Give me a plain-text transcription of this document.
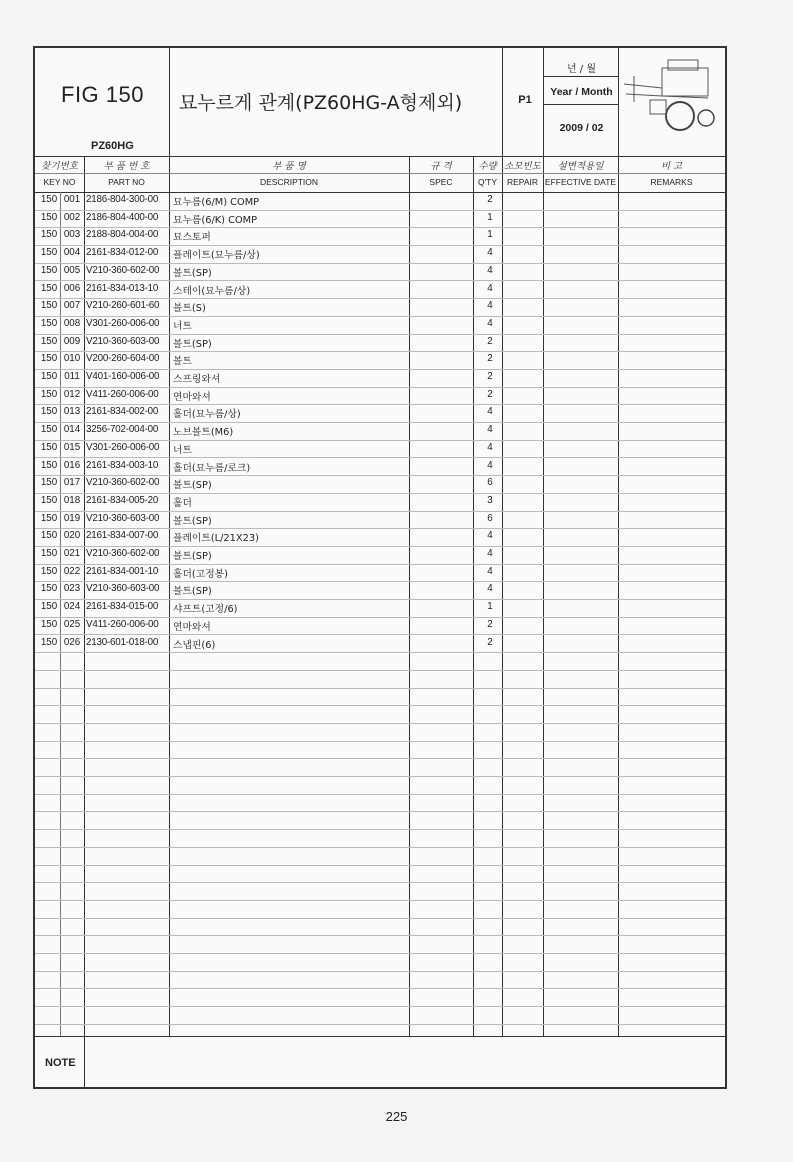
FIG 150
PZ60HG
묘누르게 관계(PZ60HG-A형제외)	P1
년 / 월
Year / Month
2009 / 02
찾기번호
KEY NO
부 품 번 호
PART NO
부 품 명
DESCRIPTION
규 격
SPEC
수량
Q'TY
소모빈도
REPAIR
설변적용일
EFFECTIVE DATE
비 고
REMARKS
150 001 2186-804-300-00 묘누름(6/M) COMP	2
150 002 2186-804-400-00 묘누름(6/K) COMP	1
150 003 2188-804-004-00 묘스토퍼	1
150 004 2161-834-012-00 플레이트(묘누름/상)	4
150 005 V210-360-602-00 볼트(SP)	4
150 006 2161-834-013-10 스테이(묘누름/상)	4
150 007 V210-260-601-60 볼트(S)	4
150 008 V301-260-006-00 너트	4
150 009 V210-360-603-00 볼트(SP)	2
150 010 V200-260-604-00 볼트	2
150 011 V401-160-006-00 스프링와셔	2
150 012 V411-260-006-00 연마와셔	2
150 013 2161-834-002-00 홀더(묘누름/상)	4
150 014 3256-702-004-00 노브볼트(M6)	4
150 015 V301-260-006-00 너트	4
150 016 2161-834-003-10 홀더(묘누름/로크)	4
150 017 V210-360-602-00 볼트(SP)	6
150 018 2161-834-005-20 홀더	3
150 019 V210-360-603-00 볼트(SP)	6
150 020 2161-834-007-00 플레이트(L/21X23)	4
150 021 V210-360-602-00 볼트(SP)	4
150 022 2161-834-001-10 홀더(고정봉)	4
150 023 V210-360-603-00 볼트(SP)	4
150 024 2161-834-015-00 샤프트(고정/6)	1
150 025 V411-260-006-00 연마와셔	2
150 026 2130-601-018-00 스냅핀(6)	2
NOTE
225
